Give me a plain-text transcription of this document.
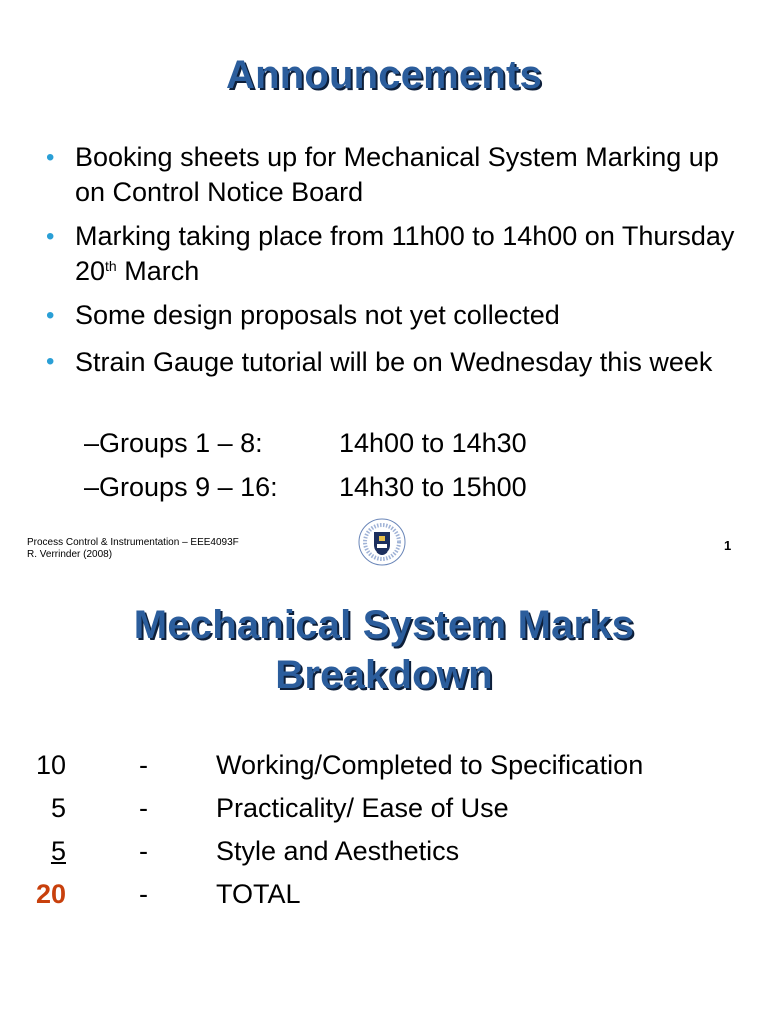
Announcements
• Booking sheets up for Mechanical System Marking up on Control Notice Board
• Marking taking place from 11h00 to 14h00 on Thursday 20th March
• Some design proposals not yet collected
• Strain Gauge tutorial will be on Wednesday this week
–Groups 1 – 8:	14h00 to 14h30
–Groups 9 – 16: 14h30 to 15h00
Process Control & Instrumentation – EEE4093F
R. Verrinder (2008)
1
Mechanical System Marks
Breakdown
10	-	Working/Completed to Specification
5	-	Practicality/ Ease of Use
5	-	Style and Aesthetics
20	-	TOTAL
